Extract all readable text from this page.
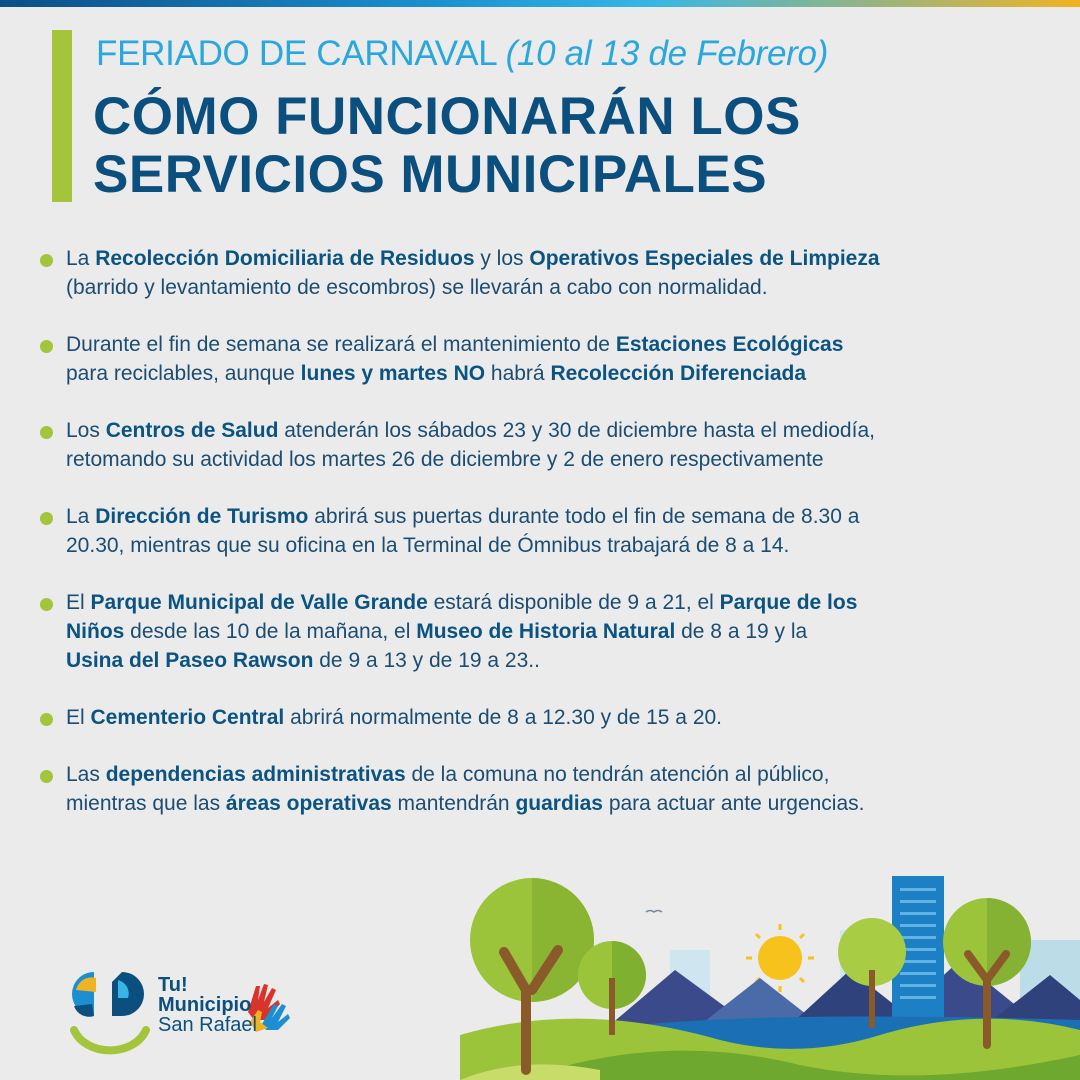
FERIADO DE CARNAVAL (10 al 13 de Febrero)
CÓMO FUNCIONARÁN LOS
SERVICIOS MUNICIPALES
La Recolección Domiciliaria de Residuos y los Operativos Especiales de Limpieza
(barrido y levantamiento de escombros) se llevarán a cabo con normalidad.
Durante el fin de semana se realizará el mantenimiento de Estaciones Ecológicas
para reciclables, aunque lunes y martes NO habrá Recolección Diferenciada
Los Centros de Salud atenderán los sábados 23 y 30 de diciembre hasta el mediodía,
retomando su actividad los martes 26 de diciembre y 2 de enero respectivamente
La Dirección de Turismo abrirá sus puertas durante todo el fin de semana de 8.30 a
20.30, mientras que su oficina en la Terminal de Ómnibus trabajará de 8 a 14.
El Parque Municipal de Valle Grande estará disponible de 9 a 21, el Parque de los
Niños desde las 10 de la mañana, el Museo de Historia Natural de 8 a 19 y la
Usina del Paseo Rawson de 9 a 13 y de 19 a 23..
El Cementerio Central abrirá normalmente de 8 a 12.30 y de 15 a 20.
Las dependencias administrativas de la comuna no tendrán atención al público,
mientras que las áreas operativas mantendrán guardias para actuar ante urgencias.
Tu!
Municipio
San Rafael
